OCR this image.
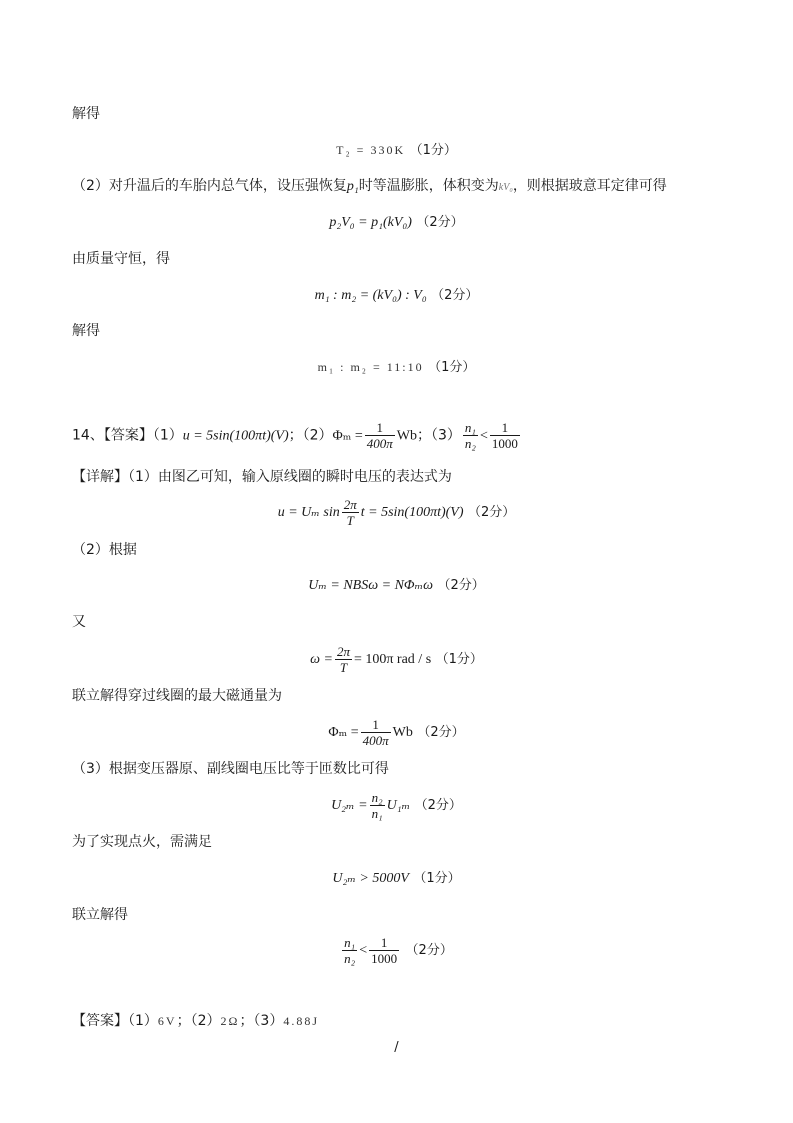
解得
T₂ = 330K （1分）
（2）对升温后的车胎内总气体，设压强恢复p₁时等温膨胀，体积变为kV₀，则根据玻意耳定律可得
p₂V₀ = p₁(kV₀) （2分）
由质量守恒，得
m₁ : m₂ = (kV₀) : V₀ （2分）
解得
m₁ : m₂ = 11:10 （1分）
14、【答案】（1）u = 5sin(100πt)(V)；$(2)\Phi_m = \frac{1}{400\pi}$ Wb；$(3) \frac{\text{n₁}}{\text{n₂}} < \frac{1}{1000}$
【详解】（1）由图乙可知，输入原线圈的瞬时电压的表达式为
u = Uₘ $\sin \frac{2\pi}{T}$ t = 5sin(100πt)(V) （2分）
（2）根据
Uₘ = NBSω = NΦₘω （2分）
又
$\omega = \frac{2\pi}{T} = 100\pi$ rad / s （1分）
联立解得穿过线圈的最大磁通量为
$\Phi_m = \frac{1}{400\pi}$ Wb （2分）
（3）根据变压器原、副线圈电压比等于匝数比可得
$U_{2m} = \frac{\text{n₂}}{\text{n₁}} U_{1m}$ （2分）
为了实现点火，需满足
U₂ₘ > 5000V （1分）
联立解得
$\frac{\text{n₁}}{\text{n₂}} < \frac{1}{1000} (2$分）
【答案】（1）6V；（2）2Ω；（3）4.88J
/
